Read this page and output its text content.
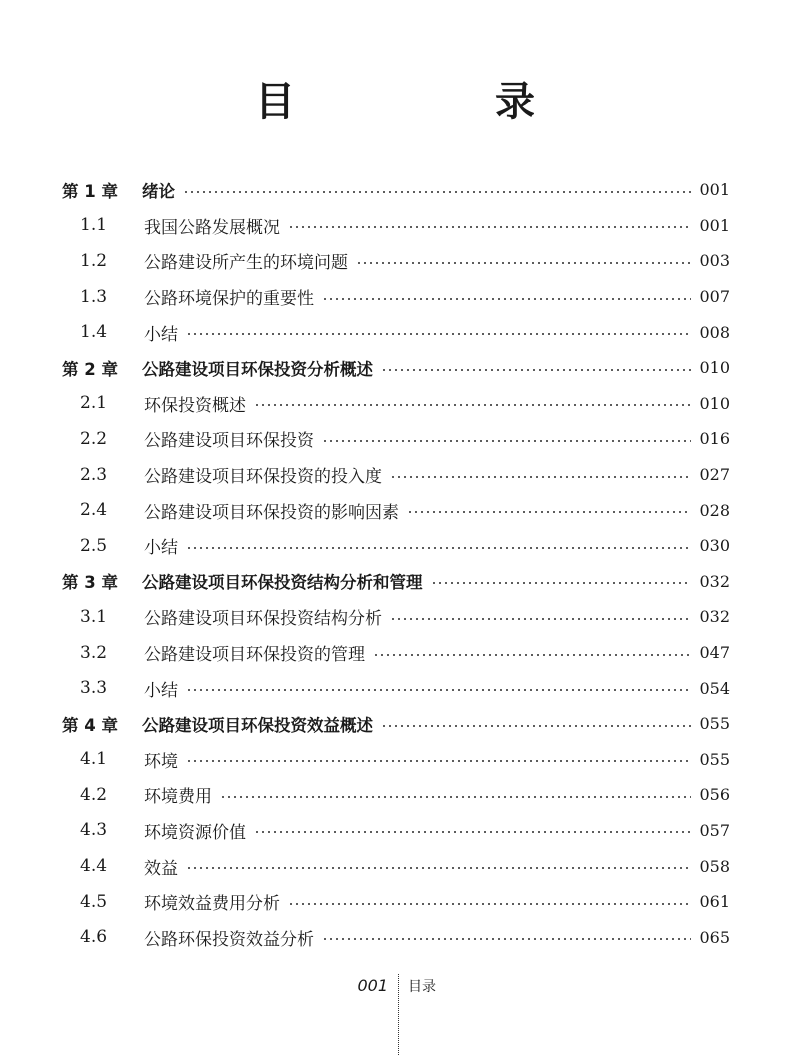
目　录
第 1 章	绪论	001
1.1	我国公路发展概况	001
1.2	公路建设所产生的环境问题	003
1.3	公路环境保护的重要性	007
1.4	小结	008
第 2 章	公路建设项目环保投资分析概述	010
2.1	环保投资概述	010
2.2	公路建设项目环保投资	016
2.3	公路建设项目环保投资的投入度	027
2.4	公路建设项目环保投资的影响因素	028
2.5	小结	030
第 3 章	公路建设项目环保投资结构分析和管理	032
3.1	公路建设项目环保投资结构分析	032
3.2	公路建设项目环保投资的管理	047
3.3	小结	054
第 4 章	公路建设项目环保投资效益概述	055
4.1	环境	055
4.2	环境费用	056
4.3	环境资源价值	057
4.4	效益	058
4.5	环境效益费用分析	061
4.6	公路环保投资效益分析	065
001 目录
